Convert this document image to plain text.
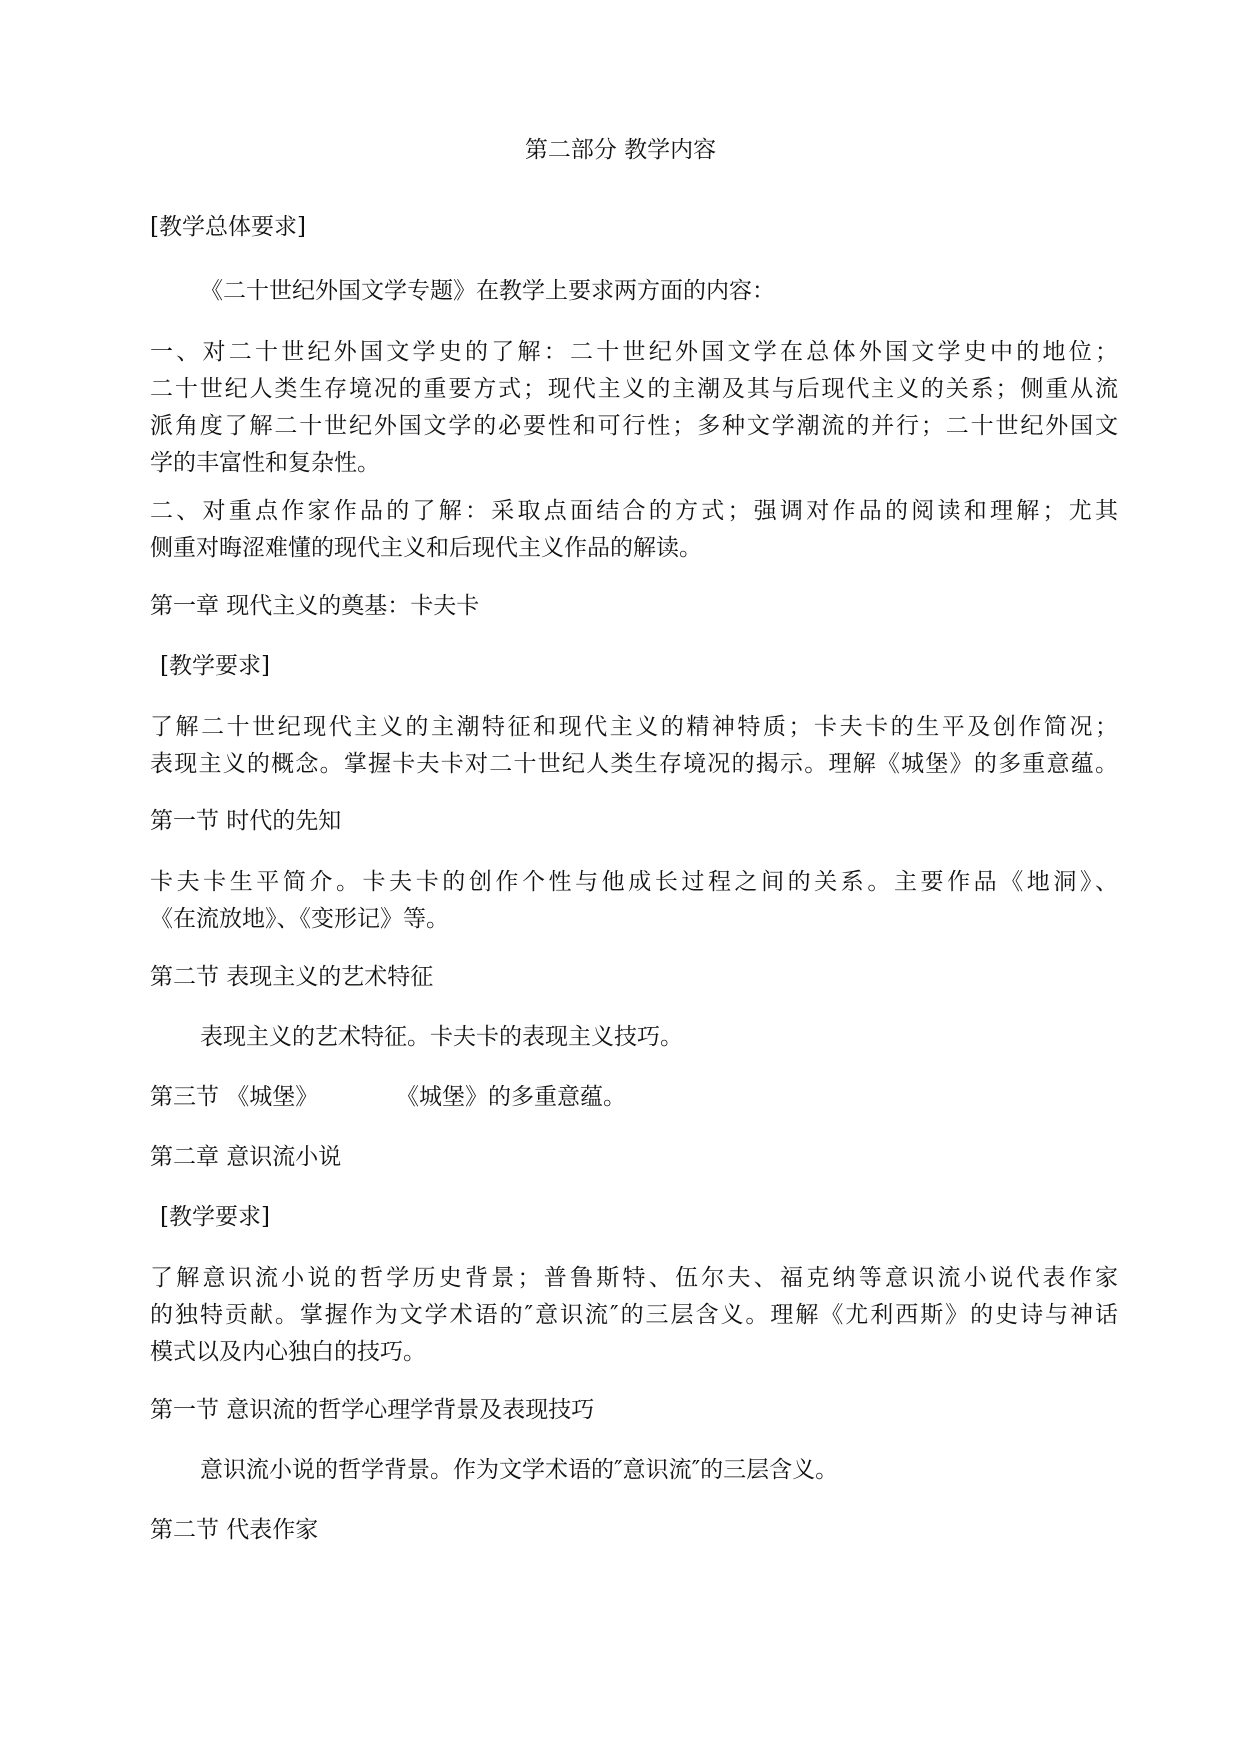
第二部分 教学内容
[教学总体要求]
《二十世纪外国文学专题》在教学上要求两方面的内容：
一、对二十世纪外国文学史的了解：二十世纪外国文学在总体外国文学史中的地位；
二十世纪人类生存境况的重要方式；现代主义的主潮及其与后现代主义的关系；侧重从流
派角度了解二十世纪外国文学的必要性和可行性；多种文学潮流的并行；二十世纪外国文
学的丰富性和复杂性。
二、对重点作家作品的了解：采取点面结合的方式；强调对作品的阅读和理解；尤其
侧重对晦涩难懂的现代主义和后现代主义作品的解读。
第一章 现代主义的奠基：卡夫卡
[教学要求]
了解二十世纪现代主义的主潮特征和现代主义的精神特质；卡夫卡的生平及创作简况；
表现主义的概念。掌握卡夫卡对二十世纪人类生存境况的揭示。理解《城堡》的多重意蕴。
第一节 时代的先知
卡夫卡生平简介。卡夫卡的创作个性与他成长过程之间的关系。主要作品《地洞》、
《在流放地》、《变形记》等。
第二节 表现主义的艺术特征
表现主义的艺术特征。卡夫卡的表现主义技巧。
第三节 《城堡》	《城堡》的多重意蕴。
第二章 意识流小说
[教学要求]
了解意识流小说的哲学历史背景；普鲁斯特、伍尔夫、福克纳等意识流小说代表作家
的独特贡献。掌握作为文学术语的″意识流″的三层含义。理解《尤利西斯》的史诗与神话
模式以及内心独白的技巧。
第一节 意识流的哲学心理学背景及表现技巧
意识流小说的哲学背景。作为文学术语的″意识流″的三层含义。
第二节 代表作家
